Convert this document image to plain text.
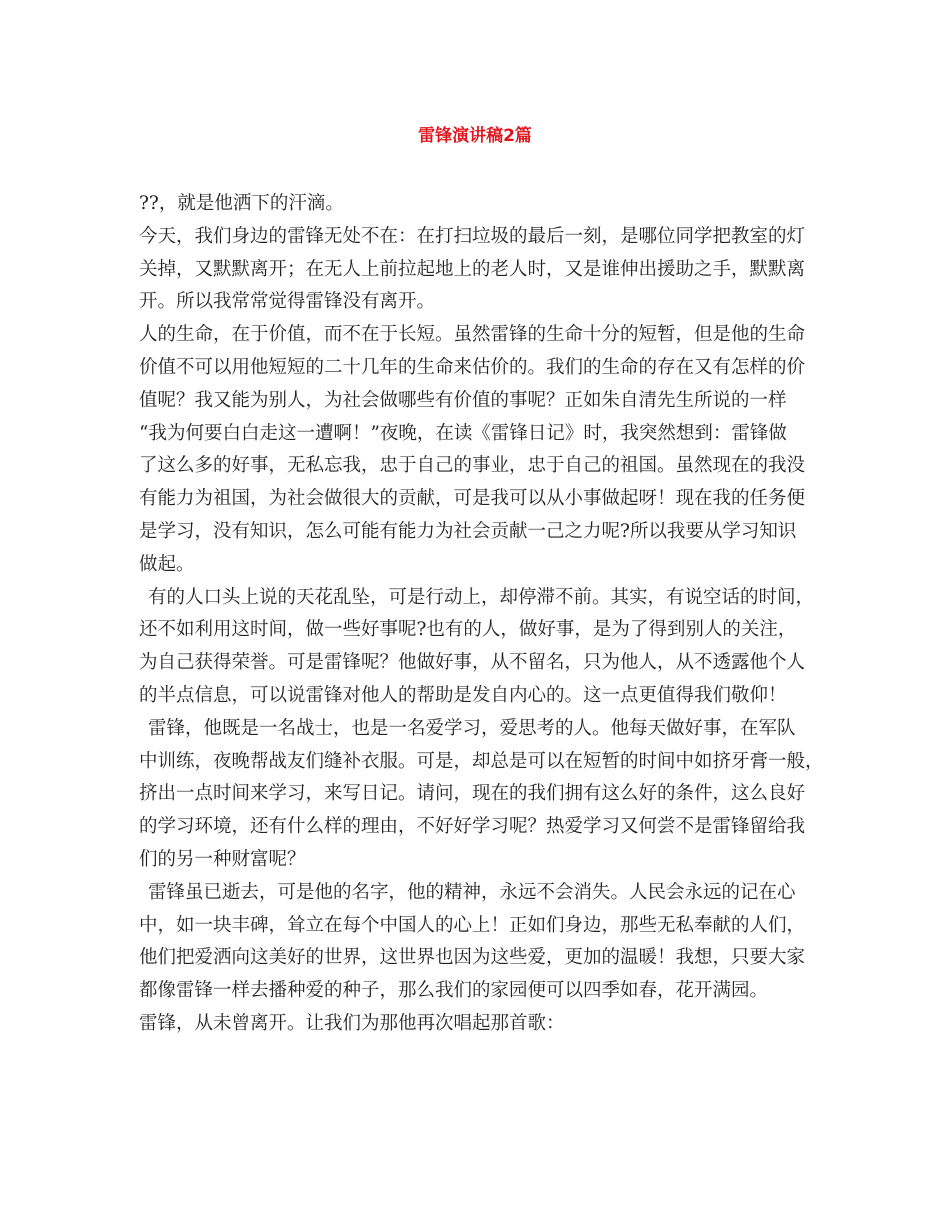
雷锋演讲稿2篇
??，就是他洒下的汗滴。
今天，我们身边的雷锋无处不在：在打扫垃圾的最后一刻，是哪位同学把教室的灯
关掉，又默默离开；在无人上前拉起地上的老人时，又是谁伸出援助之手，默默离
开。所以我常常觉得雷锋没有离开。
人的生命，在于价值，而不在于长短。虽然雷锋的生命十分的短暂，但是他的生命
价值不可以用他短短的二十几年的生命来估价的。我们的生命的存在又有怎样的价
值呢？我又能为别人，为社会做哪些有价值的事呢？正如朱自清先生所说的一样
“我为何要白白走这一遭啊！”夜晚，在读《雷锋日记》时，我突然想到：雷锋做
了这么多的好事，无私忘我，忠于自己的事业，忠于自己的祖国。虽然现在的我没
有能力为祖国，为社会做很大的贡献，可是我可以从小事做起呀！现在我的任务便
是学习，没有知识，怎么可能有能力为社会贡献一己之力呢?所以我要从学习知识
做起。
有的人口头上说的天花乱坠，可是行动上，却停滞不前。其实，有说空话的时间，
还不如利用这时间，做一些好事呢?也有的人，做好事，是为了得到别人的关注，
为自己获得荣誉。可是雷锋呢？他做好事，从不留名，只为他人，从不透露他个人
的半点信息，可以说雷锋对他人的帮助是发自内心的。这一点更值得我们敬仰！
雷锋，他既是一名战士，也是一名爱学习，爱思考的人。他每天做好事，在军队
中训练，夜晚帮战友们缝补衣服。可是，却总是可以在短暂的时间中如挤牙膏一般，
挤出一点时间来学习，来写日记。请问，现在的我们拥有这么好的条件，这么良好
的学习环境，还有什么样的理由，不好好学习呢？热爱学习又何尝不是雷锋留给我
们的另一种财富呢？
雷锋虽已逝去，可是他的名字，他的精神，永远不会消失。人民会永远的记在心
中，如一块丰碑，耸立在每个中国人的心上！正如们身边，那些无私奉献的人们，
他们把爱洒向这美好的世界，这世界也因为这些爱，更加的温暖！我想，只要大家
都像雷锋一样去播种爱的种子，那么我们的家园便可以四季如春，花开满园。
雷锋，从未曾离开。让我们为那他再次唱起那首歌：
